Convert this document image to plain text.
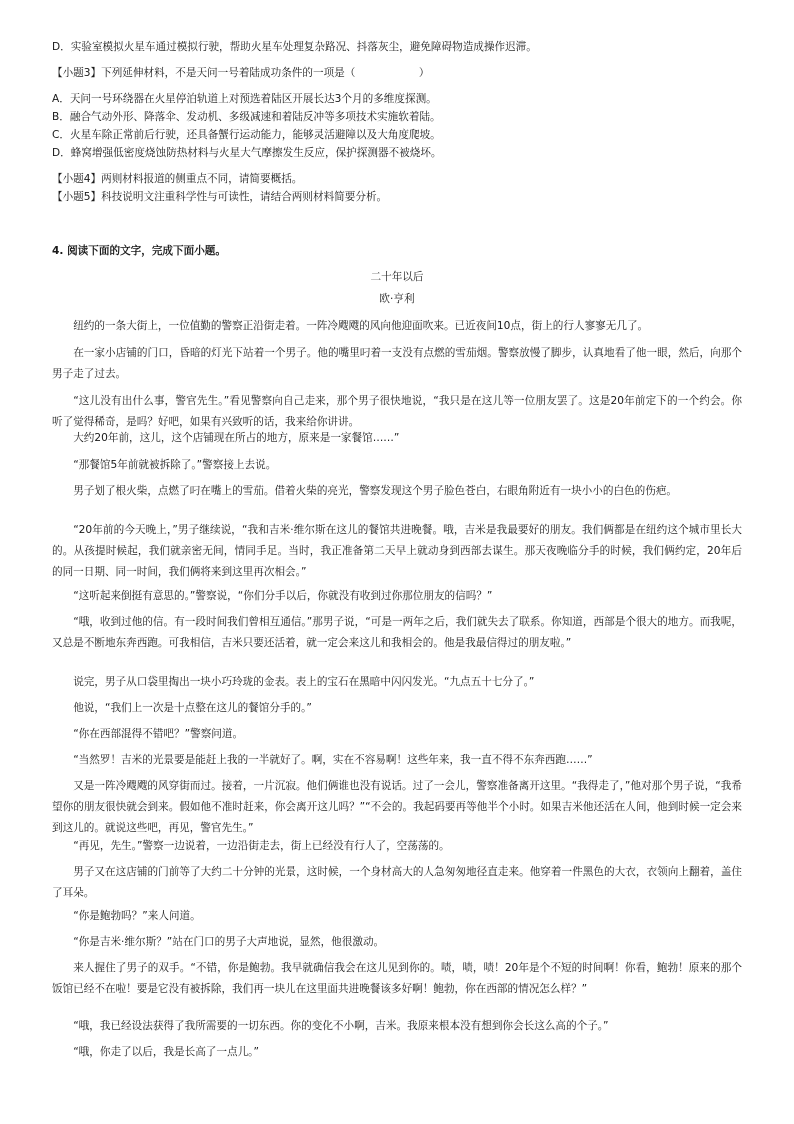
D．实验室模拟火星车通过模拟行驶，帮助火星车处理复杂路况、抖落灰尘，避免障碍物造成操作迟滞。
【小题3】下列延伸材料，不是天问一号着陆成功条件的一项是（　　　　　　）
A．天问一号环绕器在火星停泊轨道上对预选着陆区开展长达3个月的多维度探测。
B．融合气动外形、降落伞、发动机、多级减速和着陆反冲等多项技术实施软着陆。
C．火星车除正常前后行驶，还具备蟹行运动能力，能够灵活避障以及大角度爬坡。
D．蜂窝增强低密度烧蚀防热材料与火星大气摩擦发生反应，保护探测器不被烧坏。
【小题4】两则材料报道的侧重点不同，请简要概括。
【小题5】科技说明文注重科学性与可读性，请结合两则材料简要分析。
4. 阅读下面的文字，完成下面小题。
二十年以后
欧·亨利

纽约的一条大街上，一位值勤的警察正沿街走着。一阵冷飕飕的风向他迎面吹来。已近夜间10点，街上的行人寥寥无几了。

在一家小店铺的门口，昏暗的灯光下站着一个男子。他的嘴里叼着一支没有点燃的雪茄烟。警察放慢了脚步，认真地看了他一眼，然后，向那个男子走了过去。

“这儿没有出什么事，警官先生。”看见警察向自己走来，那个男子很快地说，“我只是在这儿等一位朋友罢了。这是20年前定下的一个约会。你听了觉得稀奇，是吗？好吧，如果有兴致听的话，我来给你讲讲。

大约20年前，这儿，这个店铺现在所占的地方，原来是一家餐馆……”

“那餐馆5年前就被拆除了。”警察接上去说。

男子划了根火柴，点燃了叼在嘴上的雪茄。借着火柴的亮光，警察发现这个男子脸色苍白，右眼角附近有一块小小的白色的伤疤。

“20年前的今天晚上，”男子继续说，“我和吉米·维尔斯在这儿的餐馆共进晚餐。哦，吉米是我最要好的朋友。我们俩都是在纽约这个城市里长大的。从孩提时候起，我们就亲密无间，情同手足。当时，我正准备第二天早上就动身到西部去谋生。那天夜晚临分手的时候，我们俩约定，20年后的同一日期、同一时间，我们俩将来到这里再次相会。”

“这听起来倒挺有意思的。”警察说，“你们分手以后，你就没有收到过你那位朋友的信吗？”

“哦，收到过他的信。有一段时间我们曾相互通信。”那男子说，“可是一两年之后，我们就失去了联系。你知道，西部是个很大的地方。而我呢，又总是不断地东奔西跑。可我相信，吉米只要还活着，就一定会来这儿和我相会的。他是我最信得过的朋友啦。”

说完，男子从口袋里掏出一块小巧玲珑的金表。表上的宝石在黑暗中闪闪发光。“九点五十七分了。”

他说，“我们上一次是十点整在这儿的餐馆分手的。”

“你在西部混得不错吧？”警察问道。

“当然罗！吉米的光景要是能赶上我的一半就好了。啊，实在不容易啊！这些年来，我一直不得不东奔西跑……”

又是一阵冷飕飕的风穿街而过。接着，一片沉寂。他们俩谁也没有说话。过了一会儿，警察准备离开这里。“我得走了，”他对那个男子说，“我希望你的朋友很快就会到来。假如他不准时赶来，你会离开这儿吗？”“不会的。我起码要再等他半个小时。如果吉米他还活在人间，他到时候一定会来到这儿的。就说这些吧，再见，警官先生。”

“再见，先生。”警察一边说着，一边沿街走去，街上已经没有行人了，空荡荡的。

男子又在这店铺的门前等了大约二十分钟的光景，这时候，一个身材高大的人急匆匆地径直走来。他穿着一件黑色的大衣，衣领向上翻着，盖住了耳朵。

“你是鲍勃吗？”来人问道。

“你是吉米·维尔斯？”站在门口的男子大声地说，显然，他很激动。

来人握住了男子的双手。“不错，你是鲍勃。我早就确信我会在这儿见到你的。啧，啧，啧！20年是个不短的时间啊！你看，鲍勃！原来的那个饭馆已经不在啦！要是它没有被拆除，我们再一块儿在这里面共进晚餐该多好啊！鲍勃，你在西部的情况怎么样？”

“哦，我已经设法获得了我所需要的一切东西。你的变化不小啊，吉米。我原来根本没有想到你会长这么高的个子。”

“哦，你走了以后，我是长高了一点儿。”
